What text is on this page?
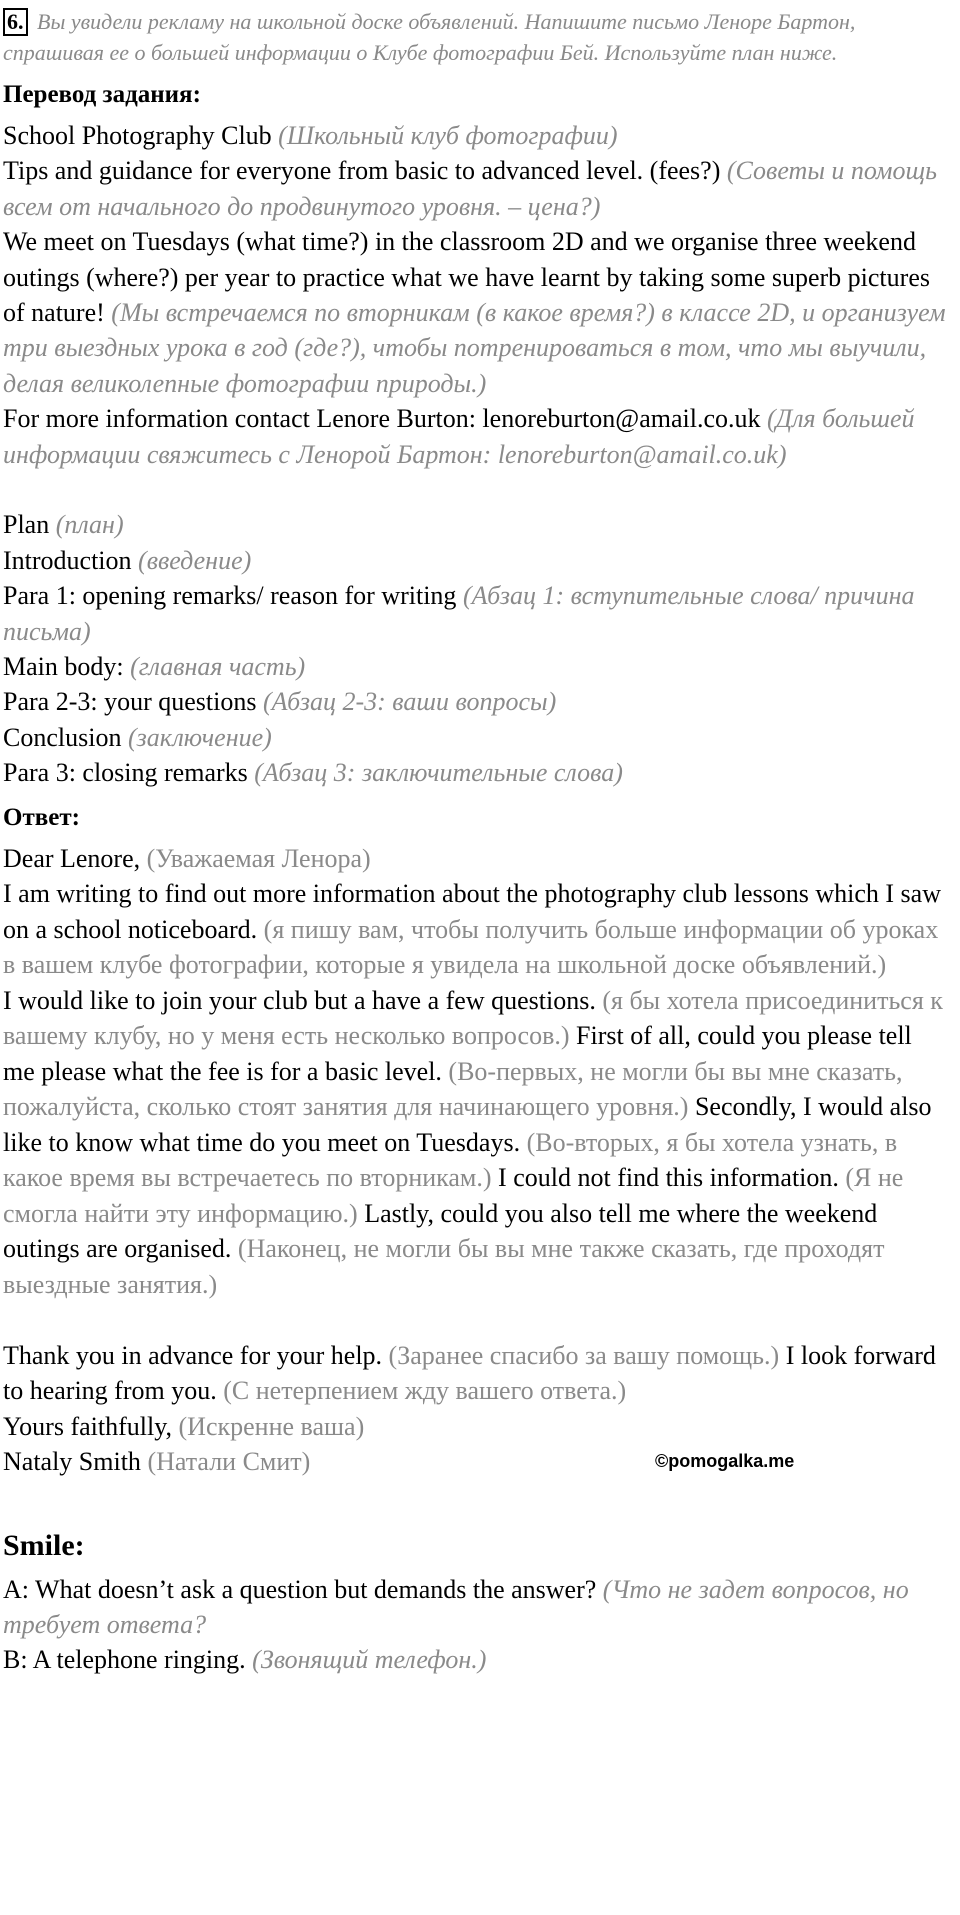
6. Вы увидели рекламу на школьной доске объявлений. Напишите письмо Леноре Бартон, спрашивая ее о большей информации о Клубе фотографии Бей. Используйте план ниже.

Перевод задания:

School Photography Club (Школьный клуб фотографии)

Tips and guidance for everyone from basic to advanced level. (fees?) (Советы и помощь всем от начального до продвинутого уровня. – цена?)

We meet on Tuesdays (what time?) in the classroom 2D and we organise three weekend outings (where?) per year to practice what we have learnt by taking some superb pictures of nature! (Мы встречаемся по вторникам (в какое время?) в классе 2D, и организуем три выездных урока в год (где?), чтобы потренироваться в том, что мы выучили, делая великолепные фотографии природы.)

For more information contact Lenore Burton: lenoreburton@amail.co.uk (Для большей информации свяжитесь с Ленорой Бартон: lenoreburton@amail.co.uk)

Plan (план)

Introduction (введение)

Para 1: opening remarks/ reason for writing (Абзац 1: вступительные слова/ причина письма)

Main body: (главная часть)

Para 2-3: your questions (Абзац 2-3: ваши вопросы)

Conclusion (заключение)

Para 3: closing remarks (Абзац 3: заключительные слова)

Ответ:

Dear Lenore, (Уважаемая Ленора)

I am writing to find out more information about the photography club lessons which I saw on a school noticeboard. (я пишу вам, чтобы получить больше информации об уроках в вашем клубе фотографии, которые я увидела на школьной доске объявлений.)

I would like to join your club but a have a few questions. (я бы хотела присоединиться к вашему клубу, но у меня есть несколько вопросов.) First of all, could you please tell me please what the fee is for a basic level. (Во-первых, не могли бы вы мне сказать, пожалуйста, сколько стоят занятия для начинающего уровня.) Secondly, I would also like to know what time do you meet on Tuesdays. (Во-вторых, я бы хотела узнать, в какое время вы встречаетесь по вторникам.) I could not find this information. (Я не смогла найти эту информацию.) Lastly, could you also tell me where the weekend outings are organised. (Наконец, не могли бы вы мне также сказать, где проходят выездные занятия.)

Thank you in advance for your help. (Заранее спасибо за вашу помощь.) I look forward to hearing from you. (С нетерпением жду вашего ответа.)

Yours faithfully, (Искренне ваша)

Nataly Smith (Натали Смит)	©pomogalka.me

Smile:

A: What doesn’t ask a question but demands the answer? (Что не задет вопросов, но требует ответа?

B: A telephone ringing. (Звонящий телефон.)
